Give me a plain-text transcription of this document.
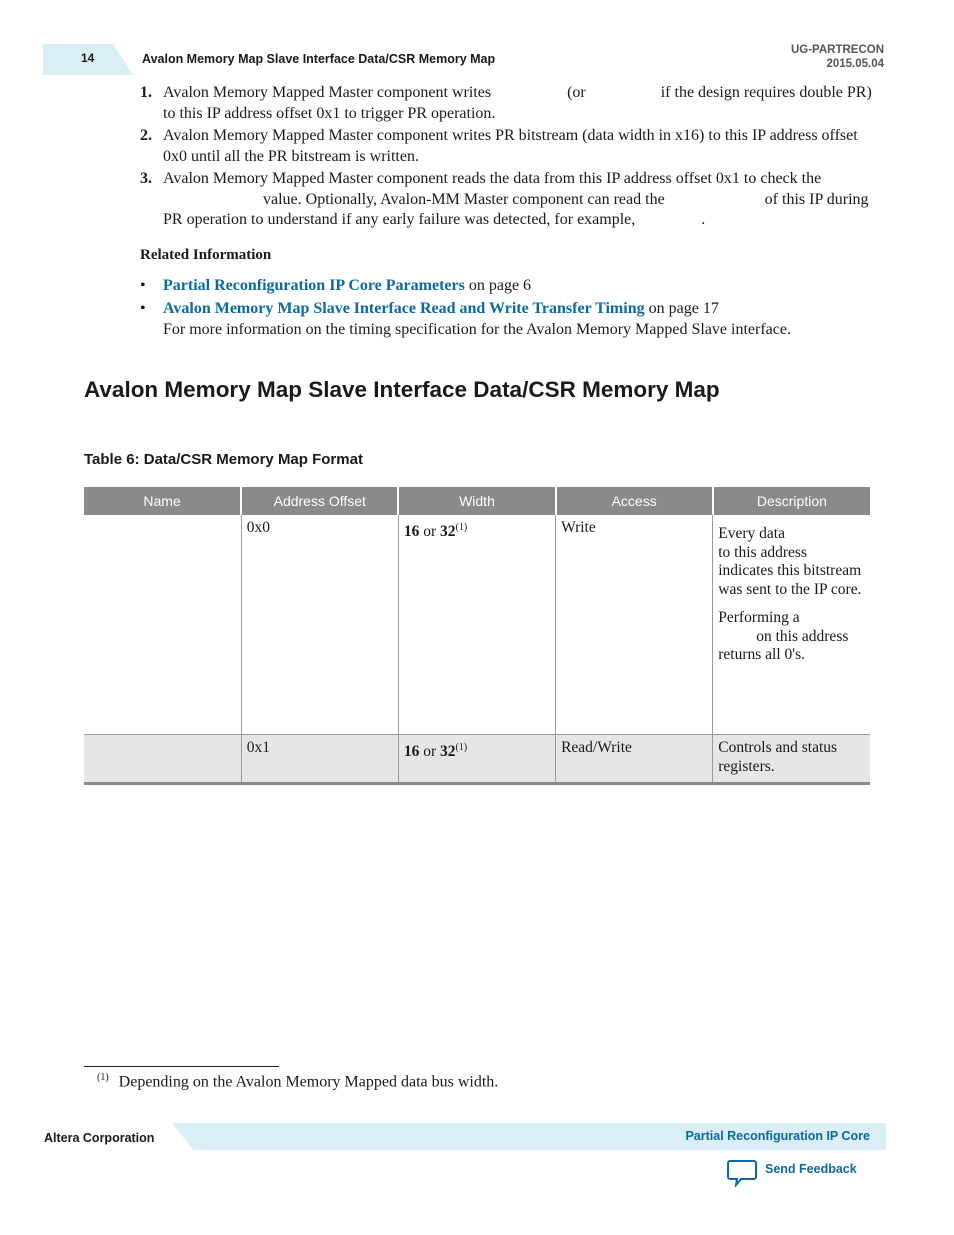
14	Avalon Memory Map Slave Interface Data/CSR Memory Map
UG-PARTRECON
2015.05.04
1. Avalon Memory Mapped Master component writes	(or	if the design requires double PR) to this IP address offset 0x1 to trigger PR operation.
2. Avalon Memory Mapped Master component writes PR bitstream (data width in x16) to this IP address offset 0x0 until all the PR bitstream is written.
3. Avalon Memory Mapped Master component reads the data from this IP address offset 0x1 to check thevalue. Optionally, Avalon-MM Master component can read the	of this IP during PR operation to understand if any early failure was detected, for example,	.
Related Information
•	Partial Reconfiguration IP Core Parameters on page 6
•	Avalon Memory Map Slave Interface Read and Write Transfer Timing on page 17
For more information on the timing specification for the Avalon Memory Mapped Slave interface.
Avalon Memory Map Slave Interface Data/CSR Memory Map
Table 6: Data/CSR Memory Map Format
Name	Address Offset	Width	Access	Description
	0x0	16 or 32$^{(1)}$	Write	Every data
to this address indicates this bitstream was sent to the IP core.

Performing a
on this address returns all 0's.

	0x1	16 or 32$^{(1)}$	Read/Write	Controls and status registers.
$^{(1)}$ Depending on the Avalon Memory Mapped data bus width.
Altera Corporation	Partial Reconfiguration IP Core
Send Feedback
